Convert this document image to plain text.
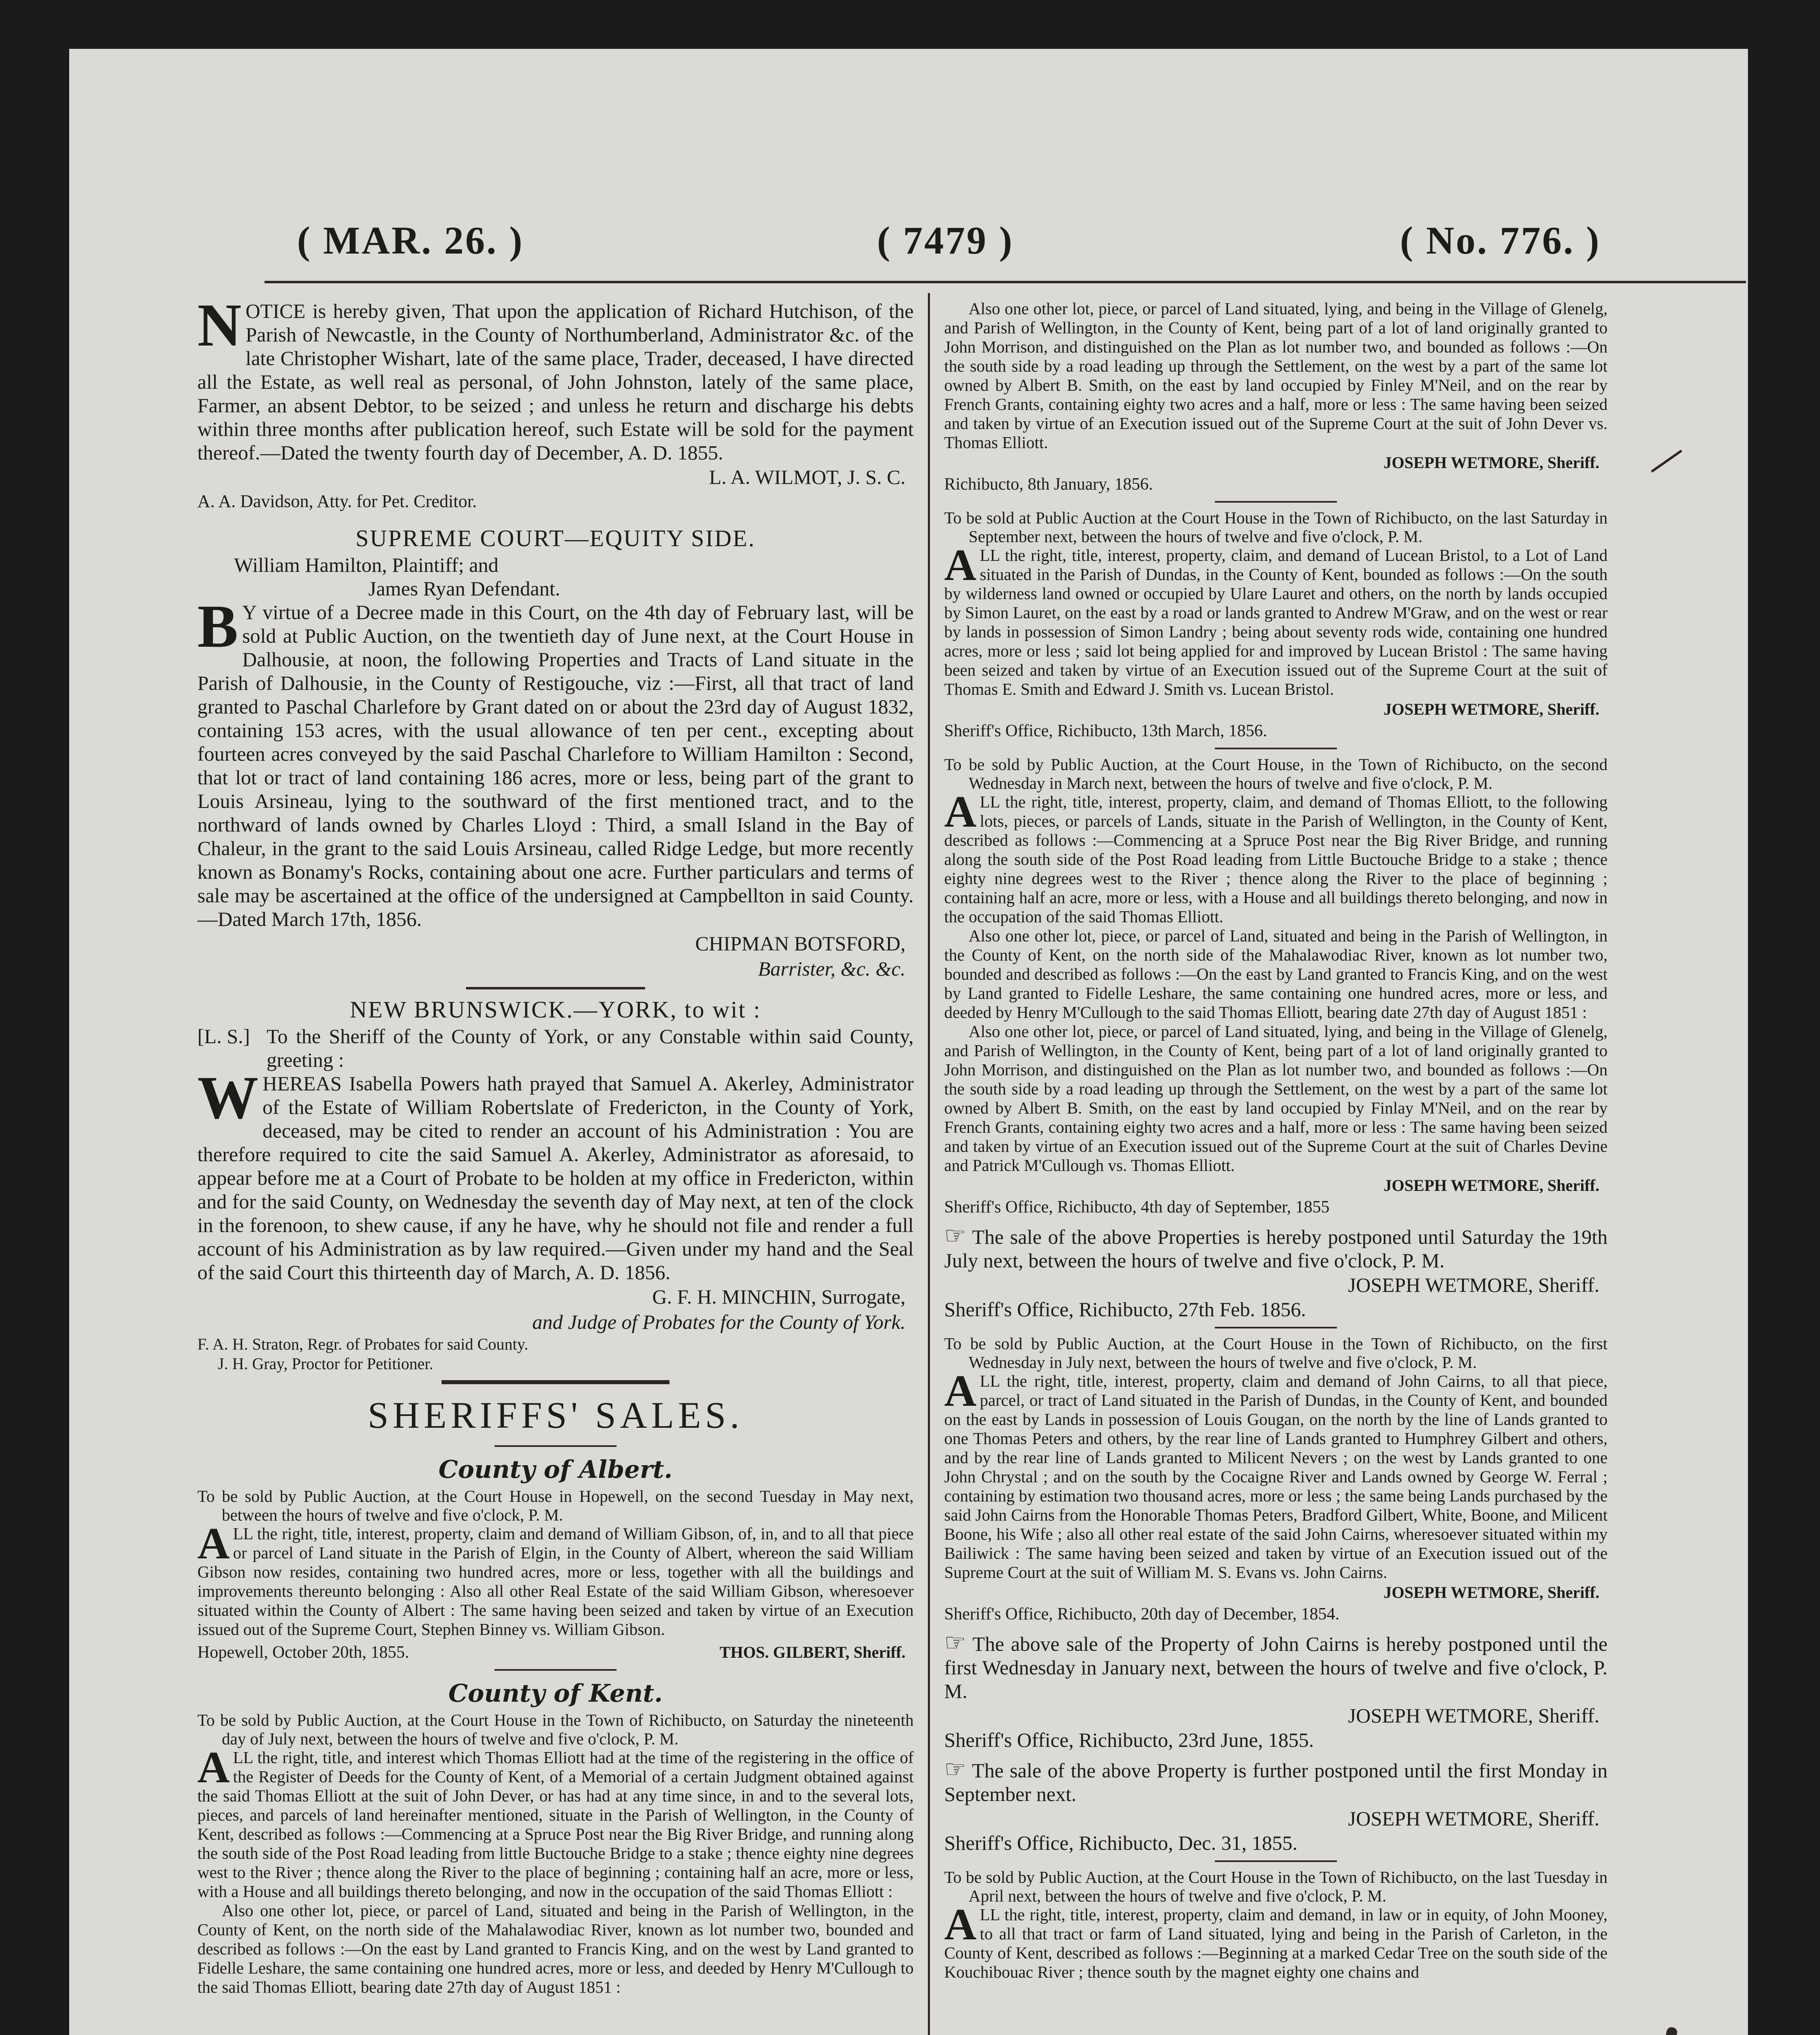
( MAR. 26. )	( 7479 )	( No. 776. )

NOTICE is hereby given, That upon the application of Richard Hutchison, of the Parish of Newcastle, in the County of Northumberland, Administrator &c. of the late Christopher Wishart, late of the same place, Trader, deceased, I have directed all the Estate, as well real as personal, of John Johnston, lately of the same place, Farmer, an absent Debtor, to be seized ; and unless he return and discharge his debts within three months after publication hereof, such Estate will be sold for the payment thereof.—Dated the twenty fourth day of December, A. D. 1855.

L. A. WILMOT, J. S. C.

A. A. Davidson, Atty. for Pet. Creditor.

SUPREME COURT—EQUITY SIDE.

William Hamilton, Plaintiff; and

James Ryan Defendant.

B Y virtue of a Decree made in this Court, on the 4th day of February last, will be sold at Public Auction, on the twentieth day of June next, at the Court House in Dalhousie, at noon, the following Properties and Tracts of Land situate in the Parish of Dalhousie, in the County of Restigouche, viz :—First, all that tract of land granted to Paschal Charlefore by Grant dated on or about the 23rd day of August 1832, containing 153 acres, with the usual allowance of ten per cent., excepting about fourteen acres conveyed by the said Paschal Charlefore to William Hamilton : Second, that lot or tract of land containing 186 acres, more or less, being part of the grant to Louis Arsineau, lying to the southward of the first mentioned tract, and to the northward of lands owned by Charles Lloyd : Third, a small Island in the Bay of Chaleur, in the grant to the said Louis Arsineau, called Ridge Ledge, but more recently known as Bonamy's Rocks, containing about one acre. Further particulars and terms of sale may be ascertained at the office of the undersigned at Campbellton in said County.—Dated March 17th, 1856.

CHIPMAN BOTSFORD,

Barrister, &c. &c.

NEW BRUNSWICK.—YORK, to wit :

[L. S.] To the Sheriff of the County of York, or any Constable within said County, greeting :

WHEREAS Isabella Powers hath prayed that Samuel A. Akerley, Administrator of the Estate of William Robertslate of Fredericton, in the County of York, deceased, may be cited to render an account of his Administration : You are therefore required to cite the said Samuel A. Akerley, Administrator as aforesaid, to appear before me at a Court of Probate to be holden at my office in Fredericton, within and for the said County, on Wednesday the seventh day of May next, at ten of the clock in the forenoon, to shew cause, if any he have, why he should not file and render a full account of his Administration as by law required.—Given under my hand and the Seal of the said Court this thirteenth day of March, A. D. 1856.

G. F. H. MINCHIN, Surrogate,

and Judge of Probates for the County of York.

F. A. H. Straton, Regr. of Probates for said County.

J. H. Gray, Proctor for Petitioner.

SHERIFFS' SALES.

County of Albert.

To be sold by Public Auction, at the Court House in Hopewell, on the second Tuesday in May next, between the hours of twelve and five o'clock, P. M.

ALL the right, title, interest, property, claim and demand of William Gibson, of, in, and to all that piece or parcel of Land situate in the Parish of Elgin, in the County of Albert, whereon the said William Gibson now resides, containing two hundred acres, more or less, together with all the buildings and improvements thereunto belonging : Also all other Real Estate of the said William Gibson, wheresoever situated within the County of Albert : The same having been seized and taken by virtue of an Execution issued out of the Supreme Court, Stephen Binney vs. William Gibson.

Hopewell, October 20th, 1855.	THOS. GILBERT, Sheriff.

County of Kent.

To be sold by Public Auction, at the Court House in the Town of Richibucto, on Saturday the nineteenth day of July next, between the hours of twelve and five o'clock, P. M.

ALL the right, title, and interest which Thomas Elliott had at the time of the registering in the office of the Register of Deeds for the County of Kent, of a Memorial of a certain Judgment obtained against the said Thomas Elliott at the suit of John Dever, or has had at any time since, in and to the several lots, pieces, and parcels of land hereinafter mentioned, situate in the Parish of Wellington, in the County of Kent, described as follows :—Commencing at a Spruce Post near the Big River Bridge, and running along the south side of the Post Road leading from little Buctouche Bridge to a stake ; thence eighty nine degrees west to the River ; thence along the River to the place of beginning ; containing half an acre, more or less, with a House and all buildings thereto belonging, and now in the occupation of the said Thomas Elliott :

Also one other lot, piece, or parcel of Land, situated and being in the Parish of Wellington, in the County of Kent, on the north side of the Mahalawodiac River, known as lot number two, bounded and described as follows :—On the east by Land granted to Francis King, and on the west by Land granted to Fidelle Leshare, the same containing one hundred acres, more or less, and deeded by Henry M'Cullough to the said Thomas Elliott, bearing date 27th day of August 1851 :

Also one other lot, piece, or parcel of Land situated, lying, and being in the Village of Glenelg, and Parish of Wellington, in the County of Kent, being part of a lot of land originally granted to John Morrison, and distinguished on the Plan as lot number two, and bounded as follows :—On the south side by a road leading up through the Settlement, on the west by a part of the same lot owned by Albert B. Smith, on the east by land occupied by Finley M'Neil, and on the rear by French Grants, containing eighty two acres and a half, more or less : The same having been seized and taken by virtue of an Execution issued out of the Supreme Court at the suit of John Dever vs. Thomas Elliott.

JOSEPH WETMORE, Sheriff.

Richibucto, 8th January, 1856.

To be sold at Public Auction at the Court House in the Town of Richibucto, on the last Saturday in September next, between the hours of twelve and five o'clock, P. M.

ALL the right, title, interest, property, claim, and demand of Lucean Bristol, to a Lot of Land situated in the Parish of Dundas, in the County of Kent, bounded as follows :—On the south by wilderness land owned or occupied by Ulare Lauret and others, on the north by lands occupied by Simon Lauret, on the east by a road or lands granted to Andrew M'Graw, and on the west or rear by lands in possession of Simon Landry ; being about seventy rods wide, containing one hundred acres, more or less ; said lot being applied for and improved by Lucean Bristol : The same having been seized and taken by virtue of an Execution issued out of the Supreme Court at the suit of Thomas E. Smith and Edward J. Smith vs. Lucean Bristol.

JOSEPH WETMORE, Sheriff.

Sheriff's Office, Richibucto, 13th March, 1856.

To be sold by Public Auction, at the Court House, in the Town of Richibucto, on the second Wednesday in March next, between the hours of twelve and five o'clock, P. M.

ALL the right, title, interest, property, claim, and demand of Thomas Elliott, to the following lots, pieces, or parcels of Lands, situate in the Parish of Wellington, in the County of Kent, described as follows :—Commencing at a Spruce Post near the Big River Bridge, and running along the south side of the Post Road leading from Little Buctouche Bridge to a stake ; thence eighty nine degrees west to the River ; thence along the River to the place of beginning ; containing half an acre, more or less, with a House and all buildings thereto belonging, and now in the occupation of the said Thomas Elliott.

Also one other lot, piece, or parcel of Land, situated and being in the Parish of Wellington, in the County of Kent, on the north side of the Mahalawodiac River, known as lot number two, bounded and described as follows :—On the east by Land granted to Francis King, and on the west by Land granted to Fidelle Leshare, the same containing one hundred acres, more or less, and deeded by Henry M'Cullough to the said Thomas Elliott, bearing date 27th day of August 1851 :

Also one other lot, piece, or parcel of Land situated, lying, and being in the Village of Glenelg, and Parish of Wellington, in the County of Kent, being part of a lot of land originally granted to John Morrison, and distinguished on the Plan as lot number two, and bounded as follows :—On the south side by a road leading up through the Settlement, on the west by a part of the same lot owned by Albert B. Smith, on the east by land occupied by Finlay M'Neil, and on the rear by French Grants, containing eighty two acres and a half, more or less : The same having been seized and taken by virtue of an Execution issued out of the Supreme Court at the suit of Charles Devine and Patrick M'Cullough vs. Thomas Elliott.

JOSEPH WETMORE, Sheriff.

Sheriff's Office, Richibucto, 4th day of September, 1855

☞ The sale of the above Properties is hereby postponed until Saturday the 19th July next, between the hours of twelve and five o'clock, P. M.

JOSEPH WETMORE, Sheriff.

Sheriff's Office, Richibucto, 27th Feb. 1856.

To be sold by Public Auction, at the Court House in the Town of Richibucto, on the first Wednesday in July next, between the hours of twelve and five o'clock, P. M.

ALL the right, title, interest, property, claim and demand of John Cairns, to all that piece, parcel, or tract of Land situated in the Parish of Dundas, in the County of Kent, and bounded on the east by Lands in possession of Louis Gougan, on the north by the line of Lands granted to one Thomas Peters and others, by the rear line of Lands granted to Humphrey Gilbert and others, and by the rear line of Lands granted to Milicent Nevers ; on the west by Lands granted to one John Chrystal ; and on the south by the Cocaigne River and Lands owned by George W. Ferral ; containing by estimation two thousand acres, more or less ; the same being Lands purchased by the said John Cairns from the Honorable Thomas Peters, Bradford Gilbert, White, Boone, and Milicent Boone, his Wife ; also all other real estate of the said John Cairns, wheresoever situated within my Bailiwick : The same having been seized and taken by virtue of an Execution issued out of the Supreme Court at the suit of William M. S. Evans vs. John Cairns.

JOSEPH WETMORE, Sheriff.

Sheriff's Office, Richibucto, 20th day of December, 1854.

☞ The above sale of the Property of John Cairns is hereby postponed until the first Wednesday in January next, between the hours of twelve and five o'clock, P. M.

JOSEPH WETMORE, Sheriff.

Sheriff's Office, Richibucto, 23rd June, 1855.

☞ The sale of the above Property is further postponed until the first Monday in September next.

JOSEPH WETMORE, Sheriff.

Sheriff's Office, Richibucto, Dec. 31, 1855.

To be sold by Public Auction, at the Court House in the Town of Richibucto, on the last Tuesday in April next, between the hours of twelve and five o'clock, P. M.

ALL the right, title, interest, property, claim and demand, in law or in equity, of John Mooney, to all that tract or farm of Land situated, lying and being in the Parish of Carleton, in the County of Kent, described as follows :—Beginning at a marked Cedar Tree on the south side of the Kouchibouac River ; thence south by the magnet eighty one chains and
